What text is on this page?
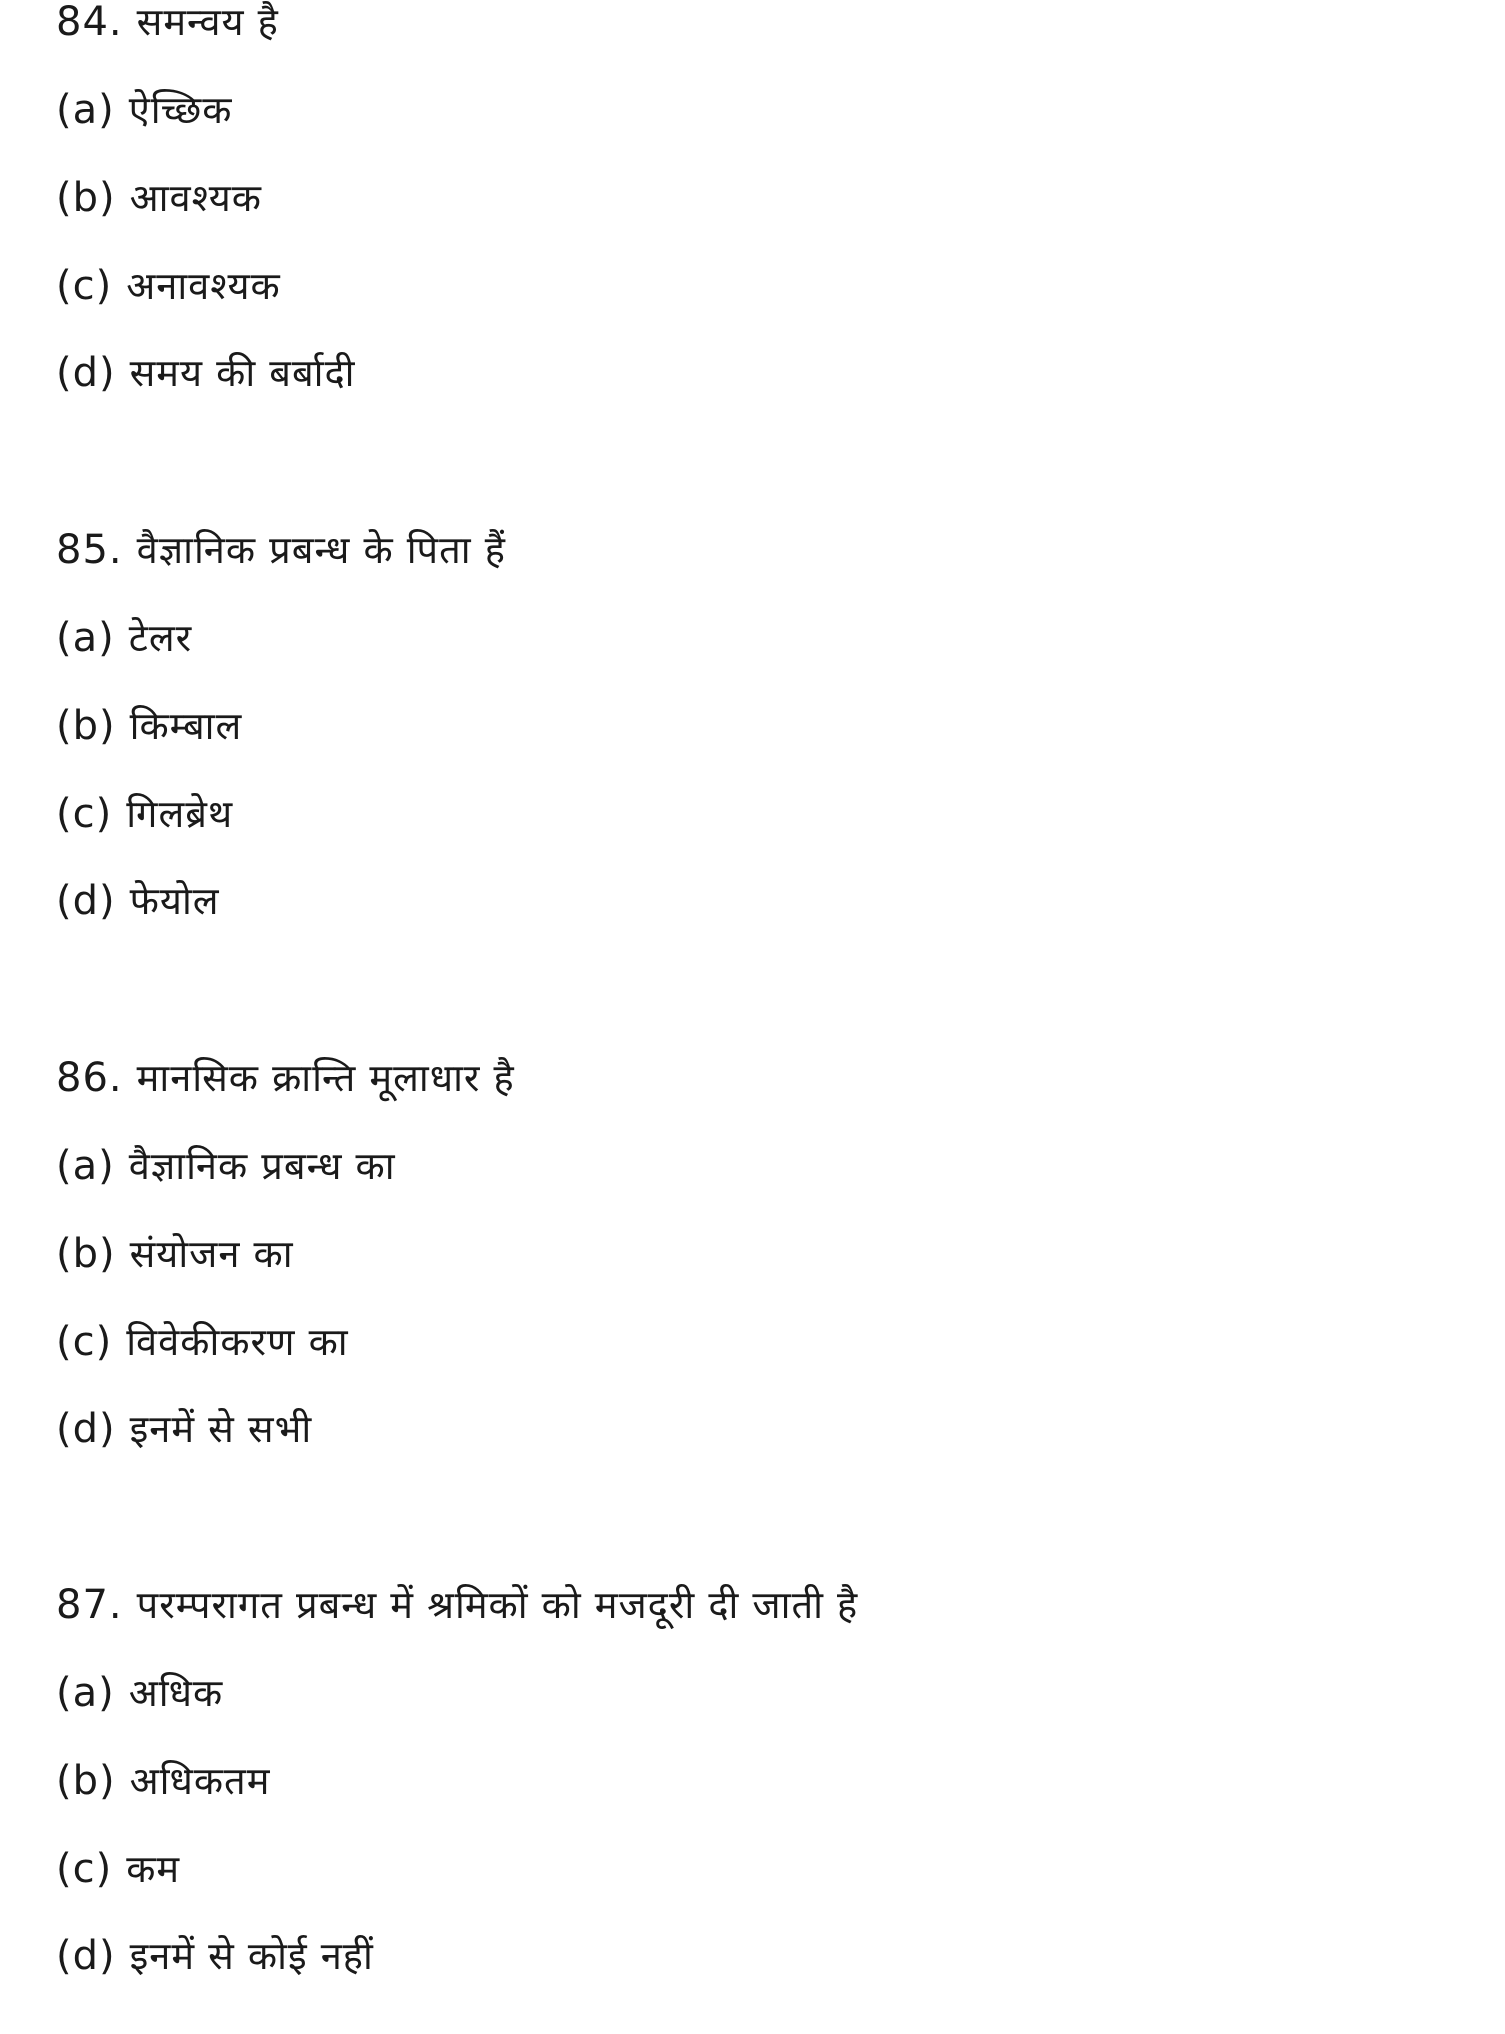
84. समन्वय है
(a) ऐच्छिक
(b) आवश्यक
(c) अनावश्यक
(d) समय की बर्बादी
85. वैज्ञानिक प्रबन्ध के पिता हैं
(a) टेलर
(b) किम्बाल
(c) गिलब्रेथ
(d) फेयोल
86. मानसिक क्रान्ति मूलाधार है
(a) वैज्ञानिक प्रबन्ध का
(b) संयोजन का
(c) विवेकीकरण का
(d) इनमें से सभी
87. परम्परागत प्रबन्ध में श्रमिकों को मजदूरी दी जाती है
(a) अधिक
(b) अधिकतम
(c) कम
(d) इनमें से कोई नहीं
